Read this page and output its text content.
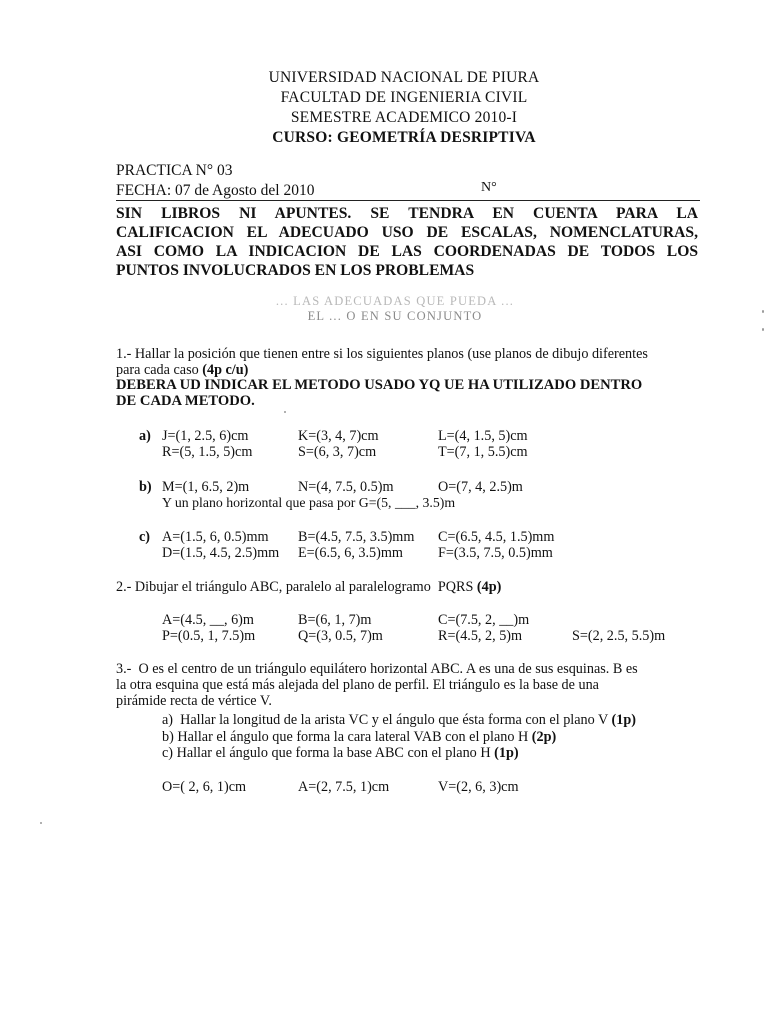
UNIVERSIDAD NACIONAL DE PIURA
FACULTAD DE INGENIERIA CIVIL
SEMESTRE ACADEMICO 2010-I
CURSO: GEOMETRÍA DESRIPTIVA
PRACTICA N° 03
FECHA: 07 de Agosto del 2010	N°
SIN LIBROS NI APUNTES. SE TENDRA EN CUENTA PARA LA
CALIFICACION EL ADECUADO USO DE ESCALAS, NOMENCLATURAS,
ASI COMO LA INDICACION DE LAS COORDENADAS DE TODOS LOS
PUNTOS INVOLUCRADOS EN LOS PROBLEMAS
... LAS ADECUADAS QUE PUEDA ...
EL ... O EN SU CONJUNTO
1.- Hallar la posición que tienen entre si los siguientes planos (use planos de dibujo diferentes
para cada caso (4p c/u)
DEBERA UD INDICAR EL METODO USADO YQ UE HA UTILIZADO DENTRO
DE CADA METODO.
a) J=(1, 2.5, 6)cm	K=(3, 4, 7)cm	L=(4, 1.5, 5)cm
R=(5, 1.5, 5)cm	S=(6, 3, 7)cm	T=(7, 1, 5.5)cm
b) M=(1, 6.5, 2)m	N=(4, 7.5, 0.5)m	O=(7, 4, 2.5)m
Y un plano horizontal que pasa por G=(5, ___, 3.5)m
c) A=(1.5, 6, 0.5)mm B=(4.5, 7.5, 3.5)mm C=(6.5, 4.5, 1.5)mm
D=(1.5, 4.5, 2.5)mm E=(6.5, 6, 3.5)mm F=(3.5, 7.5, 0.5)mm
2.- Dibujar el triángulo ABC, paralelo al paralelogramo  PQRS (4p)
A=(4.5, __, 6)m	B=(6, 1, 7)m	C=(7.5, 2, __)m
P=(0.5, 1, 7.5)m	Q=(3, 0.5, 7)m	R=(4.5, 2, 5)m	S=(2, 2.5, 5.5)m
3.-  O es el centro de un triángulo equilátero horizontal ABC. A es una de sus esquinas. B es
la otra esquina que está más alejada del plano de perfil. El triángulo es la base de una
pirámide recta de vértice V.
a)  Hallar la longitud de la arista VC y el ángulo que ésta forma con el plano V (1p)
b) Hallar el ángulo que forma la cara lateral VAB con el plano H (2p)
c) Hallar el ángulo que forma la base ABC con el plano H (1p)
O=( 2, 6, 1)cm	A=(2, 7.5, 1)cm	V=(2, 6, 3)cm
